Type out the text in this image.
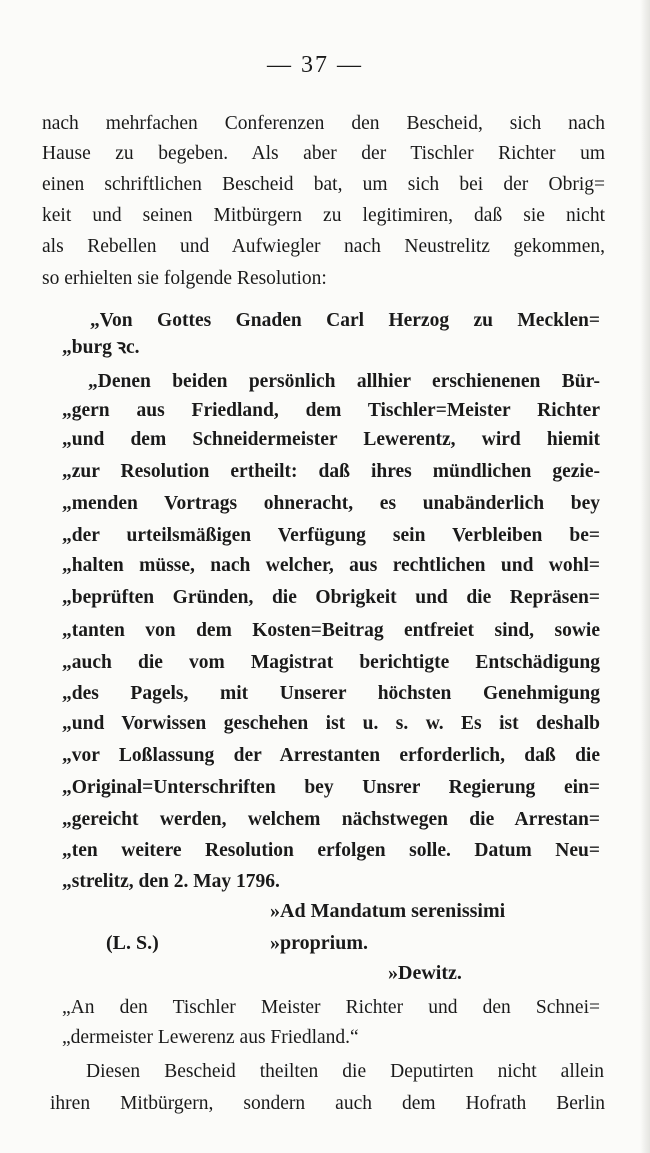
— 37 —
nach mehrfachen Conferenzen den Bescheid, sich nach
Hause zu begeben. Als aber der Tischler Richter um
einen schriftlichen Bescheid bat, um sich bei der Obrig=
keit und seinen Mitbürgern zu legitimiren, daß sie nicht
als Rebellen und Aufwiegler nach Neustrelitz gekommen,
so erhielten sie folgende Resolution:
„Von Gottes Gnaden Carl Herzog zu Mecklen=
„burg ꝛc.
„Denen beiden persönlich allhier erschienenen Bür-
„gern aus Friedland, dem Tischler=Meister Richter
„und dem Schneidermeister Lewerentz, wird hiemit
„zur Resolution ertheilt: daß ihres mündlichen gezie-
„menden Vortrags ohneracht, es unabänderlich bey
„der urteilsmäßigen Verfügung sein Verbleiben be=
„halten müsse, nach welcher, aus rechtlichen und wohl=
„beprüften Gründen, die Obrigkeit und die Repräsen=
„tanten von dem Kosten=Beitrag entfreiet sind, sowie
„auch die vom Magistrat berichtigte Entschädigung
„des Pagels, mit Unserer höchsten Genehmigung
„und Vorwissen geschehen ist u. s. w. Es ist deshalb
„vor Loßlassung der Arrestanten erforderlich, daß die
„Original=Unterschriften bey Unsrer Regierung ein=
„gereicht werden, welchem nächstwegen die Arrestan=
„ten weitere Resolution erfolgen solle. Datum Neu=
„strelitz, den 2. May 1796.
»Ad Mandatum serenissimi
(L. S.)	»proprium.
»Dewitz.
„An den Tischler Meister Richter und den Schnei=
„dermeister Lewerenz aus Friedland.“
Diesen Bescheid theilten die Deputirten nicht allein
ihren Mitbürgern, sondern auch dem Hofrath Berlin
